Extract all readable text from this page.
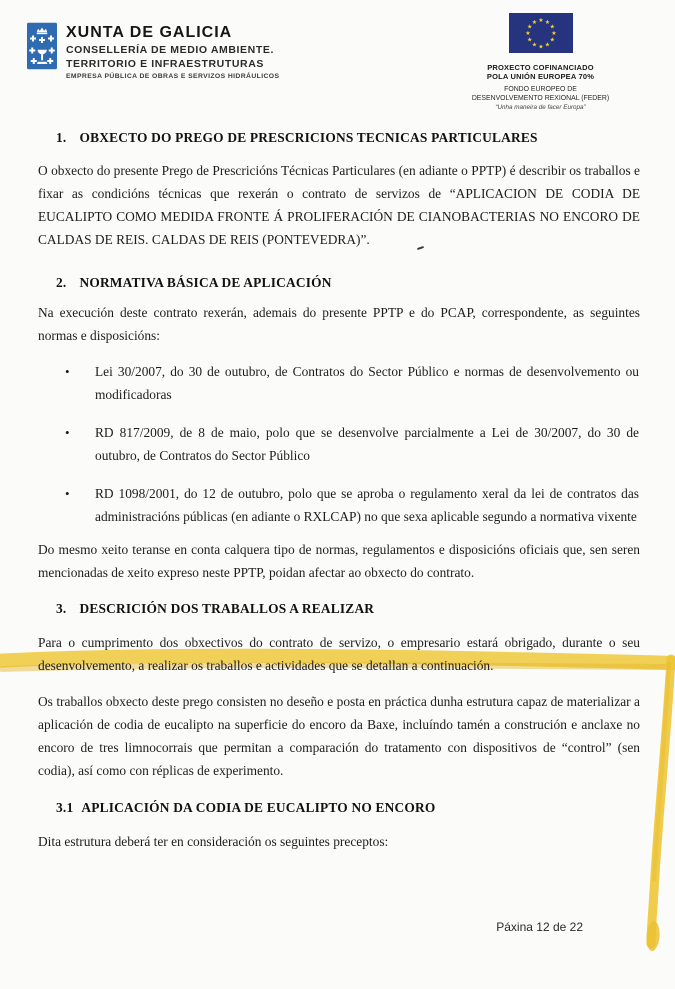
XUNTA DE GALICIA
CONSELLERÍA DE MEDIO AMBIENTE.
TERRITORIO E INFRAESTRUTURAS
EMPRESA PÚBLICA DE OBRAS E SERVIZOS HIDRÁULICOS
★ ★
★
★
★
★
★
★
★
★
★
★
PROXECTO COFINANCIADO
POLA UNIÓN EUROPEA 70%
FONDO EUROPEO DE
DESENVOLVEMENTO REXIONAL (FEDER)
“Unha maneira de facer Europa”
1. OBXECTO DO PREGO DE PRESCRICIONS TECNICAS PARTICULARES

O obxecto do presente Prego de Prescricións Técnicas Particulares (en adiante o PPTP) é describir os traballos e fixar as condicións técnicas que rexerán o contrato de servizos de “APLICACION DE CODIA DE EUCALIPTO COMO MEDIDA FRONTE Á PROLIFERACIÓN DE CIANOBACTERIAS NO ENCORO DE CALDAS DE REIS. CALDAS DE REIS (PONTEVEDRA)”.

2. NORMATIVA BÁSICA DE APLICACIÓN

Na execución deste contrato rexerán, ademais do presente PPTP e do PCAP, correspondente, as seguintes normas e disposicións:

•	Lei 30/2007, do 30 de outubro, de Contratos do Sector Público e normas de desenvolvemento ou modificadoras
•	RD 817/2009, de 8 de maio, polo que se desenvolve parcialmente a Lei de 30/2007, do 30 de outubro, de Contratos do Sector Público
•	RD 1098/2001, do 12 de outubro, polo que se aproba o regulamento xeral da lei de contratos das administracións públicas (en adiante o RXLCAP) no que sexa aplicable segundo a normativa vixente

Do mesmo xeito teranse en conta calquera tipo de normas, regulamentos e disposicións oficiais que, sen seren mencionadas de xeito expreso neste PPTP, poidan afectar ao obxecto do contrato.

3. DESCRICIÓN DOS TRABALLOS A REALIZAR

Para o cumprimento dos obxectivos do contrato de servizo, o empresario estará obrigado, durante o seu desenvolvemento, a realizar os traballos e actividades que se detallan a continuación.

Os traballos obxecto deste prego consisten no deseño e posta en práctica dunha estrutura capaz de materializar a aplicación de codia de eucalipto na superficie do encoro da Baxe, incluíndo tamén a construción e anclaxe no encoro de tres limnocorrais que permitan a comparación do tratamento con dispositivos de “control” (sen codia), así como con réplicas de experimento.

3.1 APLICACIÓN DA CODIA DE EUCALIPTO NO ENCORO

Dita estrutura deberá ter en consideración os seguintes preceptos:

Páxina 12 de 22
